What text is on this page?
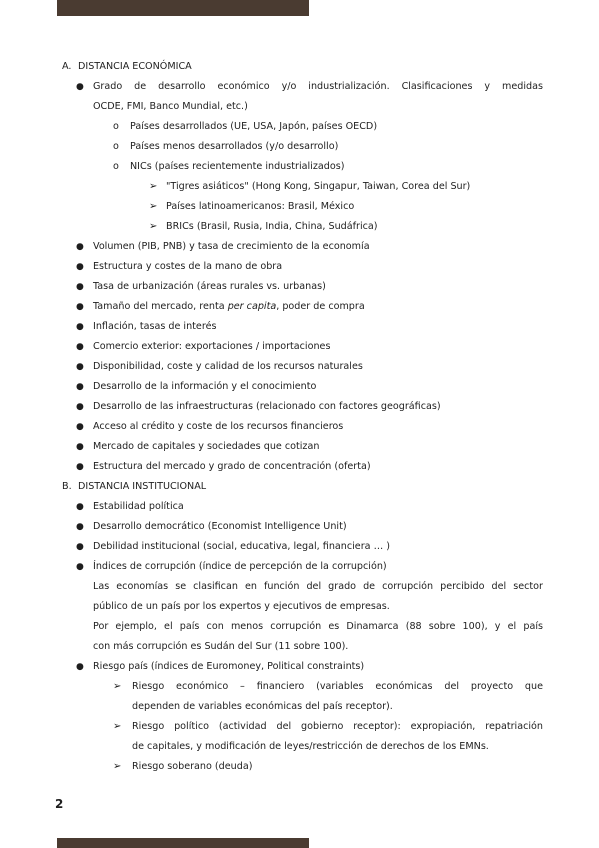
A. DISTANCIA ECONÓMICA
● Grado de desarrollo económico y/o industrialización. Clasificaciones y medidas
OCDE, FMI, Banco Mundial, etc.)
o Países desarrollados (UE, USA, Japón, países OECD)
o Países menos desarrollados (y/o desarrollo)
o NICs (países recientemente industrializados)
➢ "Tigres asiáticos" (Hong Kong, Singapur, Taiwan, Corea del Sur)
➢ Países latinoamericanos: Brasil, México
➢ BRICs (Brasil, Rusia, India, China, Sudáfrica)
● Volumen (PIB, PNB) y tasa de crecimiento de la economía
● Estructura y costes de la mano de obra
● Tasa de urbanización (áreas rurales vs. urbanas)
● Tamaño del mercado, renta per capita, poder de compra
● Inflación, tasas de interés
● Comercio exterior: exportaciones / importaciones
● Disponibilidad, coste y calidad de los recursos naturales
● Desarrollo de la información y el conocimiento
● Desarrollo de las infraestructuras (relacionado con factores geográficas)
● Acceso al crédito y coste de los recursos financieros
● Mercado de capitales y sociedades que cotizan
● Estructura del mercado y grado de concentración (oferta)
B. DISTANCIA INSTITUCIONAL
● Estabilidad política
● Desarrollo democrático (Economist Intelligence Unit)
● Debilidad institucional (social, educativa, legal, financiera … )
● Índices de corrupción (índice de percepción de la corrupción)
Las economías se clasifican en función del grado de corrupción percibido del sector
público de un país por los expertos y ejecutivos de empresas.
Por ejemplo, el país con menos corrupción es Dinamarca (88 sobre 100), y el país
con más corrupción es Sudán del Sur (11 sobre 100).
● Riesgo país (índices de Euromoney, Political constraints)
➢ Riesgo económico – financiero (variables económicas del proyecto que
dependen de variables económicas del país receptor).
➢ Riesgo político (actividad del gobierno receptor): expropiación, repatriación
de capitales, y modificación de leyes/restricción de derechos de los EMNs.
➢ Riesgo soberano (deuda)
2
